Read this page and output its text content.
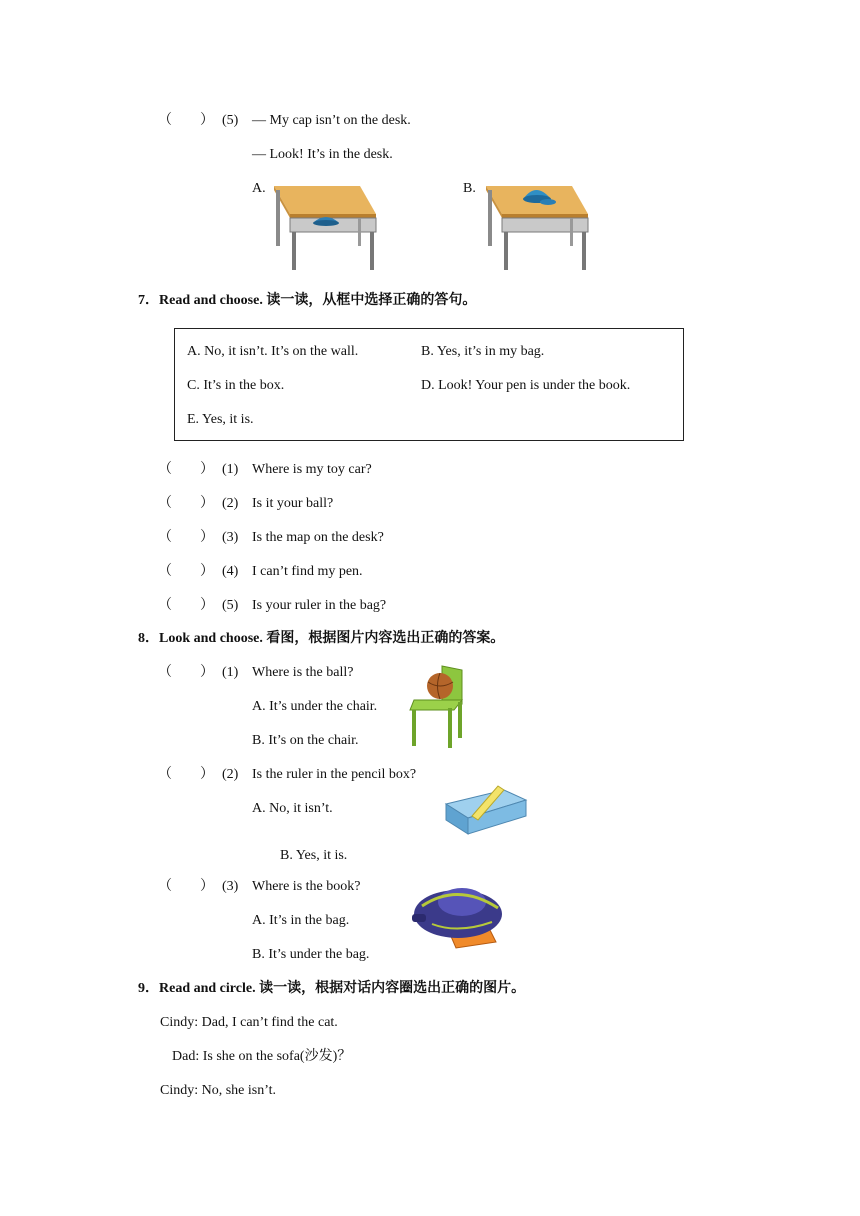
（ ） (5) — My cap isn’t on the desk.
— Look! It’s in the desk.
A.	B.
7．Read and choose. 读一读，从框中选择正确的答句。
A. No, it isn’t. It’s on the wall.	B. Yes, it’s in my bag.
C. It’s in the box.	D. Look! Your pen is under the book.
E. Yes, it is.
（ ） (1) Where is my toy car?
（ ） (2) Is it your ball?
（ ） (3) Is the map on the desk?
（ ） (4) I can’t find my pen.
（ ） (5) Is your ruler in the bag?
8．Look and choose. 看图，根据图片内容选出正确的答案。
（ ） (1) Where is the ball?
A. It’s under the chair.
B. It’s on the chair.
（ ） (2) Is the ruler in the pencil box?
A. No, it isn’t.
B. Yes, it is.
（ ） (3) Where is the book?
A. It’s in the bag.
B. It’s under the bag.
9．Read and circle. 读一读，根据对话内容圈选出正确的图片。
Cindy: Dad, I can’t find the cat.
Dad: Is she on the sofa(沙发)？
Cindy: No, she isn’t.
